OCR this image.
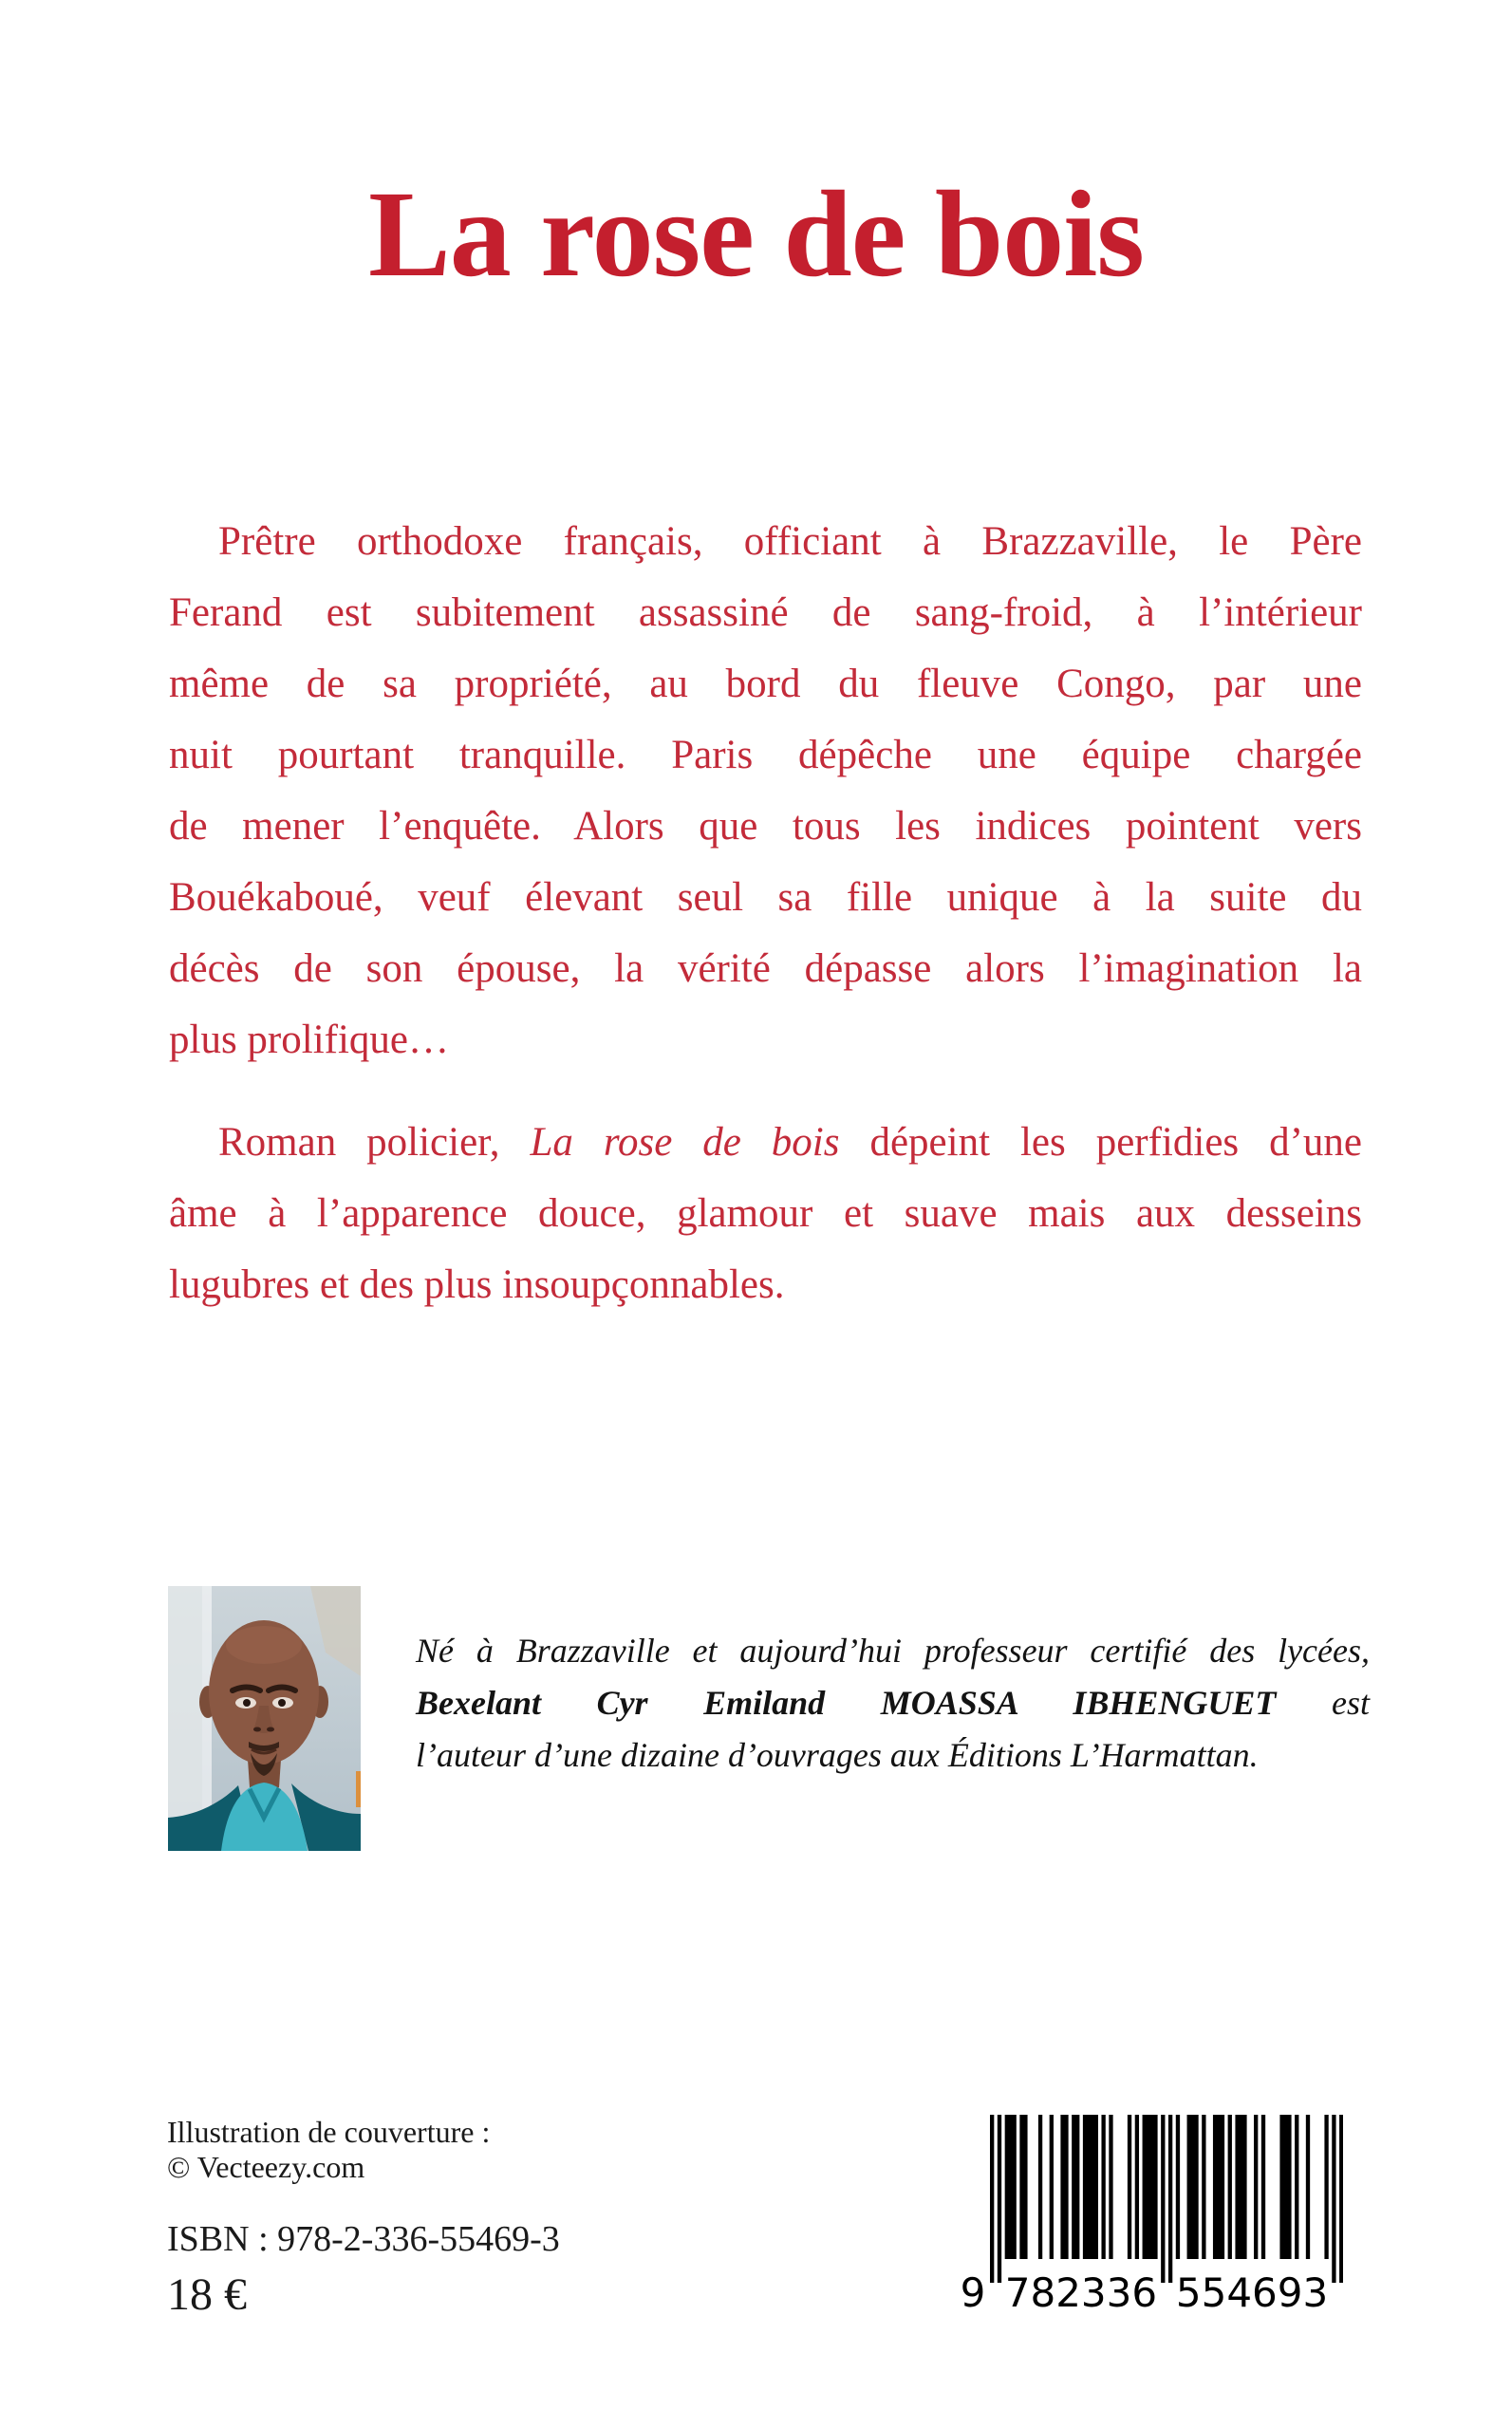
La rose de bois
Prêtre orthodoxe français, officiant à Brazzaville, le Père
Ferand est subitement assassiné de sang-froid, à l’intérieur
même de sa propriété, au bord du fleuve Congo, par une
nuit pourtant tranquille. Paris dépêche une équipe chargée
de mener l’enquête. Alors que tous les indices pointent vers
Bouékaboué, veuf élevant seul sa fille unique à la suite du
décès de son épouse, la vérité dépasse alors l’imagination la
plus prolifique…
Roman policier, La rose de bois dépeint les perfidies d’une
âme à l’apparence douce, glamour et suave mais aux desseins
lugubres et des plus insoupçonnables.
Né à Brazzaville et aujourd’hui professeur certifié des lycées,
Bexelant Cyr Emiland MOASSA IBHENGUET est
l’auteur d’une dizaine d’ouvrages aux Éditions L’Harmattan.
Illustration de couverture :
© Vecteezy.com
ISBN : 978-2-336-55469-3
18 €	9 782336 554693
